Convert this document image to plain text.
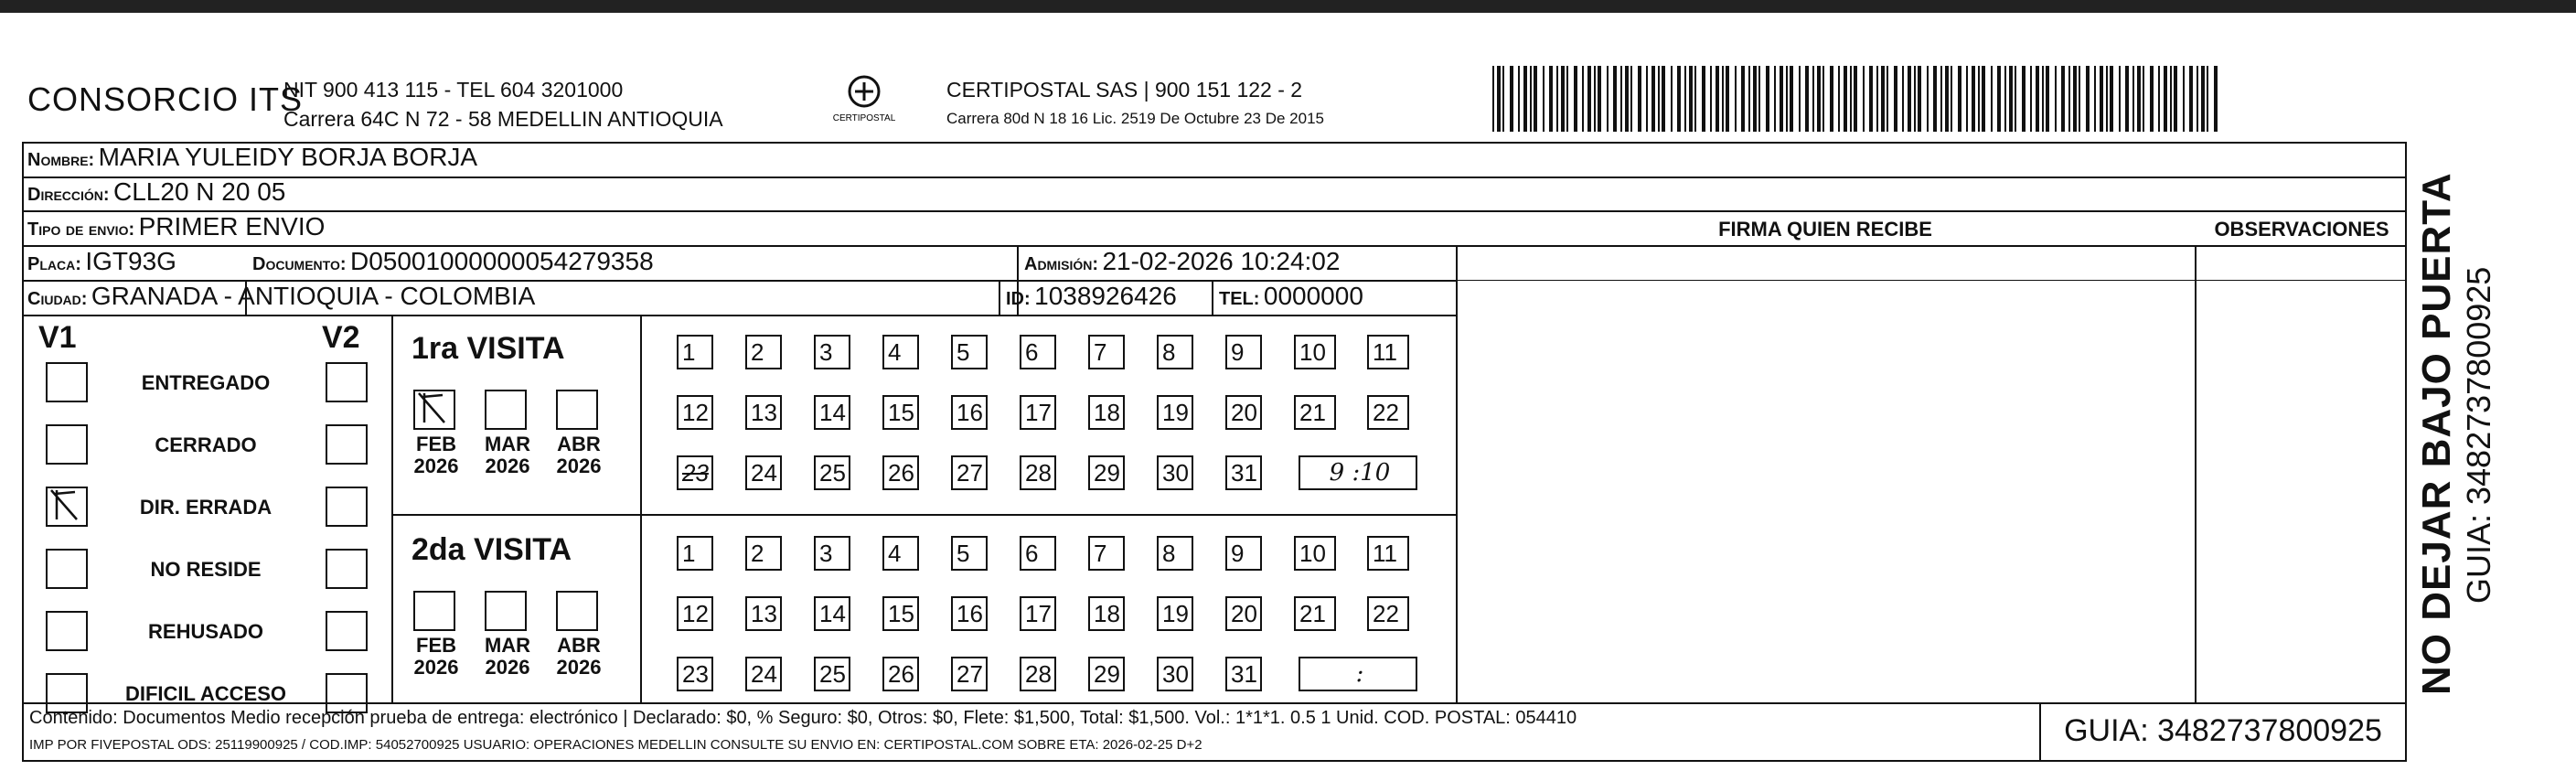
CONSORCIO ITS
NIT 900 413 115 - TEL 604 3201000
Carrera 64C N 72 - 58 MEDELLIN ANTIOQUIA	CERTIPOSTAL
CERTIPOSTAL SAS | 900 151 122 - 2
Carrera 80d N 18 16 Lic. 2519 De Octubre 23 De 2015
Nombre: MARIA YULEIDY BORJA BORJA
Dirección: CLL20 N 20 05
Tipo de envio: PRIMER ENVIO
Placa: IGT93G	Documento: D05001000000054279358	Admisión: 21-02-2026 10:24:02
Ciudad: GRANADA - ANTIOQUIA - COLOMBIA	ID: 1038926426 TEL: 0000000
FIRMA QUIEN RECIBE	OBSERVACIONES
V1	V2
ENTREGADO
CERRADO
DIR. ERRADA
NO RESIDE
REHUSADO
DIFICIL ACCESO
1ra VISITA
FEB
2026
MAR
2026
ABR
2026
1	2	3	4	5	6	7	8	9	10	11
12 13 14 15 16 17 18 19 20 21	22
23 24 25 26 27 28 29 30 31	9 :10
2da VISITA
FEB
2026
MAR
2026
ABR
2026
1	2	3	4	5	6	7	8	9	10	11
12 13 14 15 16 17 18 19 20 21	22
23 24 25 26 27 28 29 30 31	:
Contenido: Documentos Medio recepción prueba de entrega: electrónico | Declarado: $0, % Seguro: $0, Otros: $0, Flete: $1,500, Total: $1,500. Vol.: 1*1*1. 0.5 1 Unid. COD. POSTAL: 054410
IMP POR FIVEPOSTAL ODS: 25119900925 / COD.IMP: 54052700925 USUARIO: OPERACIONES MEDELLIN CONSULTE SU ENVIO EN: CERTIPOSTAL.COM SOBRE ETA: 2026-02-25 D+2	GUIA: 3482737800925
NO DEJAR BAJO PUERTA GUIA: 3482737800925
